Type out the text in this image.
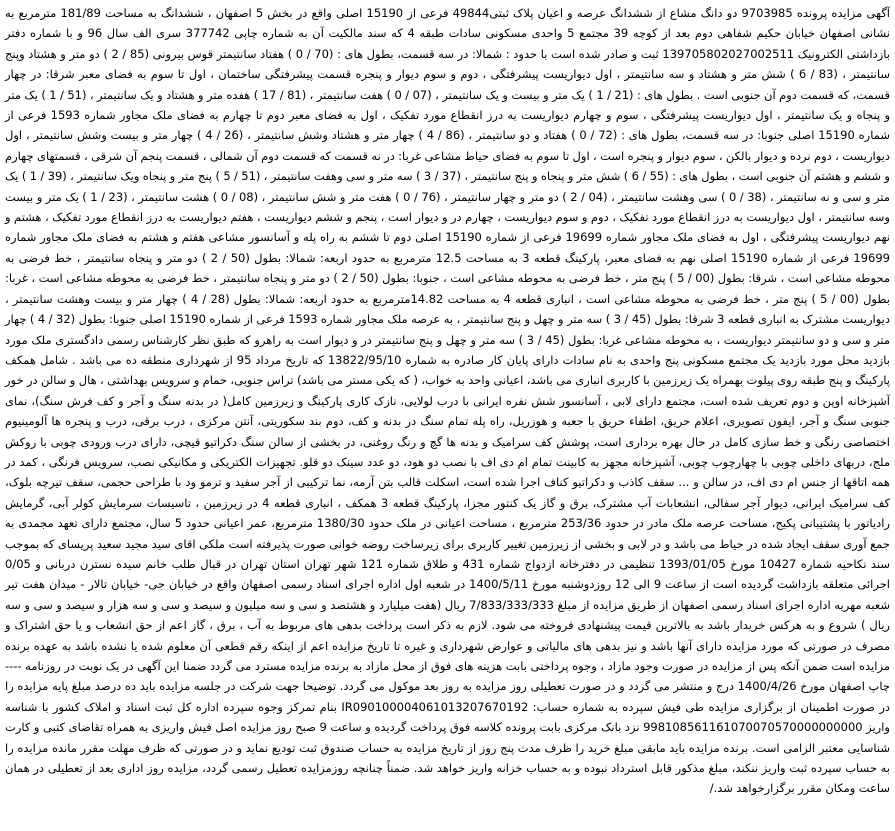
آگهی مزایده پرونده 9703985 دو دانگ مشاع از ششدانگ عرصه و اعیان پلاک ثبتی49844 فرعی از 15190 اصلی واقع در بخش 5 اصفهان ، ششدانگ به مساحت 181/89 مترمربع به نشانی اصفهان خیابان حکیم شفاهی دوم بعد از کوچه 39 مجتمع 5 واحدی مسکونی سادات طبقه 4 که سند مالکیت آن به شماره چاپی 377742 سری الف سال 96 و با شماره دفتر بازداشتی الکترونیک 13970580202700251‌1 ثبت و صادر شده است با حدود : شمالا: در سه قسمت، بطول های : (70 / 0 ) هفتاد سانتیمتر قوس بیرونی (85 / 2 ) دو متر و هشتاد وپنج سانتیمتر ، (83 / 6 ) شش متر و هشتاد و سه سانتیمتر ، اول دیواریست پیشرفتگی ، دوم و سوم دیوار و پنجره قسمت پیشرفتگی ساختمان ، اول تا سوم به فضای معبر شرقا: در چهار قسمت، که قسمت دوم آن جنوبی است . بطول های : (21 / 1 ) یک متر و بیست و یک سانتیمتر ، (07 / 0 ) هفت سانتیمتر ، (81 / 17 ) هفده متر و هشتاد و یک سانتیمتر ، (51 / 1 ) یک متر و پنجاه و یک سانتیمتر ، اول دیواریست پیشرفتگی ، سوم و چهارم دیواریست به درز انقطاع مورد تفکیک ، اول به فضای معبر دوم تا چهارم به فضای ملک مجاور شماره 1593 فرعی از شماره 15190 اصلی جنوبا: در سه قسمت، بطول های : (72 / 0 ) هفتاد و دو سانتیمتر ، (86 / 4 ) چهار متر و هشتاد وشش سانتیمتر ، (26 / 4 ) چهار متر و بیست وشش سانتیمتر ، اول دیواریست ، دوم نرده و دیوار بالکن ، سوم دیوار و پنجره است ، اول تا سوم به فضای حیاط مشاعی غربا: در نه قسمت که قسمت دوم آن شمالی ، قسمت پنجم آن شرقی ، قسمتهای چهارم و ششم و هشتم آن جنوبی است ، بطول های : (55 / 6 ) شش متر و پنجاه و پنج سانتیمتر ، (37 / 3 ) سه متر و سی وهفت سانتیمتر ، (51 / 5 ) پنج متر و پنجاه ویک سانتیمتر ، (39 / 1 ) یک متر و سی و نه سانتیمتر ، (38 / 0 ) سی وهشت سانتیمتر ، (04 / 2 ) دو متر و چهار سانتیمتر ، (76 / 0 ) هفت متر و شش سانتیمتر ، (08 / 0 ) هشت سانتیمتر ، (23 / 1 ) یک متر و بیست وسه سانتیمتر ، اول دیواریست به درز انقطاع مورد تفکیک ، دوم و سوم دیواریست ، چهارم در و دیوار است ، پنجم و ششم دیواریست ، هفتم دیواریست به درز انقطاع مورد تفکیک ، هشتم و نهم دیواریست پیشرفتگی ، اول به فضای ملک مجاور شماره 19699 فرعی از شماره 15190 اصلی دوم تا ششم به راه پله و آسانسور مشاعی هفتم و هشتم به فضای ملک مجاور شماره 19699 فرعی از شماره 15190 اصلی نهم به فضای معبر، پارکینگ قطعه 3 به مساحت 12.5 مترمربع به حدود اربعه: شمالا: بطول (50 / 2 ) دو متر و پنجاه سانتیمتر ، خط فرضی به محوطه مشاعی است ، شرقا: بطول (00 / 5 ) پنج متر ، خط فرضی به محوطه مشاعی است ، جنوبا: بطول (50 / 2 ) دو متر و پنجاه سانتیمتر ، خط فرضی به محوطه مشاعی است ، غربا: بطول (00 / 5 ) پنج متر ، خط فرضی به محوطه مشاعی است ، انباری قطعه 4 به مساحت 14.82مترمربع به حدود اربعه: شمالا: بطول (28 / 4 ) چهار متر و بیست وهشت سانتیمتر ، دیواریست مشترک به انباری قطعه 3 شرقا: بطول (45 / 3 ) سه متر و چهل و پنج سانتیمتر ، به عرصه ملک مجاور شماره 1593 فرعی از شماره 15190 اصلی جنوبا: بطول (32 / 4 ) چهار متر و سی و دو سانتیمتر دیواریست ، به محوطه مشاعی غربا: بطول (45 / 3 ) سه متر و چهل و پنج سانتیمتر در و دیوار است به راهرو که طبق نظر کارشناس رسمی دادگستری ملک مورد بازدید محل مورد بازدید یک مجتمع مسکونی پنج واحدی به نام سادات دارای پایان کار صادره به شماره 13822/95/10 که تاریخ مرداد 95 از شهرداری منطقه ده می باشد . شامل همکف پارکینگ و پنج طبقه روی پیلوت بهمراه یک زیرزمین با کاربری انباری می باشد، اعیانی واحد به خواب، ( که یکی مستر می باشد) تراس جنوبی، حمام و سرویس بهداشتی ، هال و سالن در خور آشپزخانه اوپن و دوم تعریف شده است، مجتمع دارای لابی ، آسانسور شش نفره ایرانی با درب لولایی، نازک کاری پارکینگ و زیرزمین کامل( در بدنه سنگ و آجر و کف فرش سنگ)، نمای جنوبی سنگ و آجر، ایفون تصویری، اعلام حریق، اطفاء حریق با جعبه و هوزریل، راه پله تمام سنگ در بدنه و کف، دوم بند سکوریتی، آنتن مرکزی ، درب برقی، درب و پنجره ها آلومینیوم اختصاصی رنگی و خط سازی کامل در حال بهره برداری است، پوشش کف سرامیک و بدنه ها گچ و رنگ روغنی، در بخشی از سالن سنگ دکراتیو قیچی، دارای درب ورودی چوبی با روکش ملج، دربهای داخلی چوبی با چهارچوب چوبی، آشپزخانه مجهز به کابینت تمام ام دی اف با نصب دو هود، دو عدد سینک دو قلو. تجهیزات الکتریکی و مکانیکی نصب، سرویس فرنگی ، کمد در همه اتاقها از جنس ام دی اف، در سالن و ... سقف کاذب و دکراتیو کناف اجرا شده است، اسکلت قالب بتن آرمه، نما ترکیبی از آجر سفید و ترمو ود با طراحی حجمی، سقف تیرچه بلوک، کف سرامیک ایرانی، دیوار آجر سفالی، انشعابات آب مشترک، برق و گاز یک کنتور مجزا، پارکینگ قطعه 3 همکف ، انباری قطعه 4 در زیرزمین ، تاسیسات سرمایش کولر آبی، گرمایش رادیاتور با پشتیبانی پکیج، مساحت عرصه ملک مادر در حدود 253/36 مترمربع ، مساحت اعیانی در ملک حدود 1380/30 مترمربع، عمر اعیانی حدود 5 سال، مجتمع دارای تعهد مجمدی به جمع آوری سقف ایجاد شده در حیاط می باشد و در لابی و بخشی از زیرزمین تغییر کاربری برای زیرساخت روضه خوانی صورت پذیرفته است ملکی اقای سید مجید سعید پریسای که بموجب سند نکاحیه شماره 10427 مورخ 1393/01/05 تنظیمی در دفترخانه ازدواج شماره 431 و طلاق شماره 121 شهر تهران استان تهران در قبال طلب خانم سیده نسترن دربانی و 0/05 اجرائی متعلقه بازداشت گردیده است از ساعت 9 الی 12 روزدوشنبه مورخ 1400/5/11 در شعبه اول اداره اجرای اسناد رسمی اصفهان واقع در خیابان جی- خیابان تالار - میدان هفت تیر شعبه مهریه اداره اجرای اسناد رسمی اصفهان از طریق مزایده از مبلغ 7/833/333/333 ریال (هفت میلیارد و هشتصد و سی و سه میلیون و سیصد و سی و سه هزار و سیصد و سی و سه ریال ) شروع و به هرکس خریدار باشد به بالاترین قیمت پیشنهادی فروخته می شود. لازم به ذکر است پرداخت بدهی های مربوط به آب ، برق ، گاز اعم از حق انشعاب و یا حق اشتراک و مصرف در صورتی که مورد مزایده دارای آنها باشد و نیز بدهی های مالیاتی و عوارض شهرداری و غیره تا تاریخ مزایده اعم از اینکه رقم قطعی آن معلوم شده یا نشده باشد به عهده برنده مزایده است ضمن آنکه پس از مزایده در صورت وجود مازاد ، وجوه پرداختی بابت هزینه های فوق از محل مازاد به برنده مزایده مسترد می گردد ضمنا این آگهی در یک نوبت در روزنامه ---- چاپ اصفهان مورخ 1400/4/26 درج و منتشر می گردد و در صورت تعطیلی روز مزایده به روز بعد موکول می گردد. توضیحا جهت شرکت در جلسه مزایده باید ده درصد مبلغ پایه مزایده را در صورت اطمینان از برگزاری مزایده طی فیش سپرده به شماره حساب: IR090100004061013207670192 بنام تمرکز وجوه سپرده اداره کل ثبت اسناد و املاک کشور با شناسه واریز 998108561161070070570000000000 نزد بانک مرکزی بابت پرونده کلاسه فوق پرداخت گردیده و ساعت 9 صبح روز مزایده اصل فیش واریزی به همراه تقاضای کتبی و کارت شناسایی معتبر الزامی است. برنده مزایده باید مابقی مبلغ خرید را ظرف مدت پنج روز از تاریخ مزایده به حساب صندوق ثبت تودیع نماید و در صورتی که ظرف مهلت مقرر مانده مزایده را به حساب سپرده ثبت واریز ننکند، مبلغ مذکور قابل استرداد نبوده و به حساب خزانه واریز خواهد شد. ضمناً چنانچه روزمزایده تعطیل رسمی گردد، مزایده روز اداری بعد از تعطیلی در همان ساعت ومکان مقرر برگزارخواهد شد./
